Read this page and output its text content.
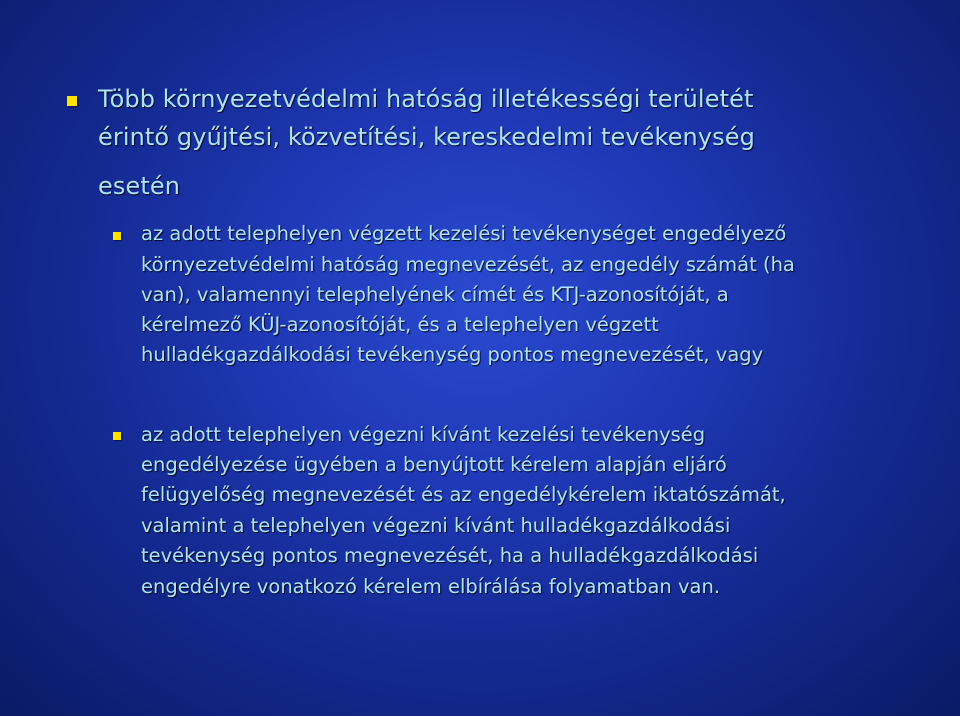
Több környezetvédelmi hatóság illetékességi területét
érintő gyűjtési, közvetítési, kereskedelmi tevékenység
esetén
az adott telephelyen végzett kezelési tevékenységet engedélyező
környezetvédelmi hatóság megnevezését, az engedély számát (ha
van), valamennyi telephelyének címét és KTJ-azonosítóját, a
kérelmező KÜJ-azonosítóját, és a telephelyen végzett
hulladékgazdálkodási tevékenység pontos megnevezését, vagy
az adott telephelyen végezni kívánt kezelési tevékenység
engedélyezése ügyében a benyújtott kérelem alapján eljáró
felügyelőség megnevezését és az engedélykérelem iktatószámát,
valamint a telephelyen végezni kívánt hulladékgazdálkodási
tevékenység pontos megnevezését, ha a hulladékgazdálkodási
engedélyre vonatkozó kérelem elbírálása folyamatban van.
